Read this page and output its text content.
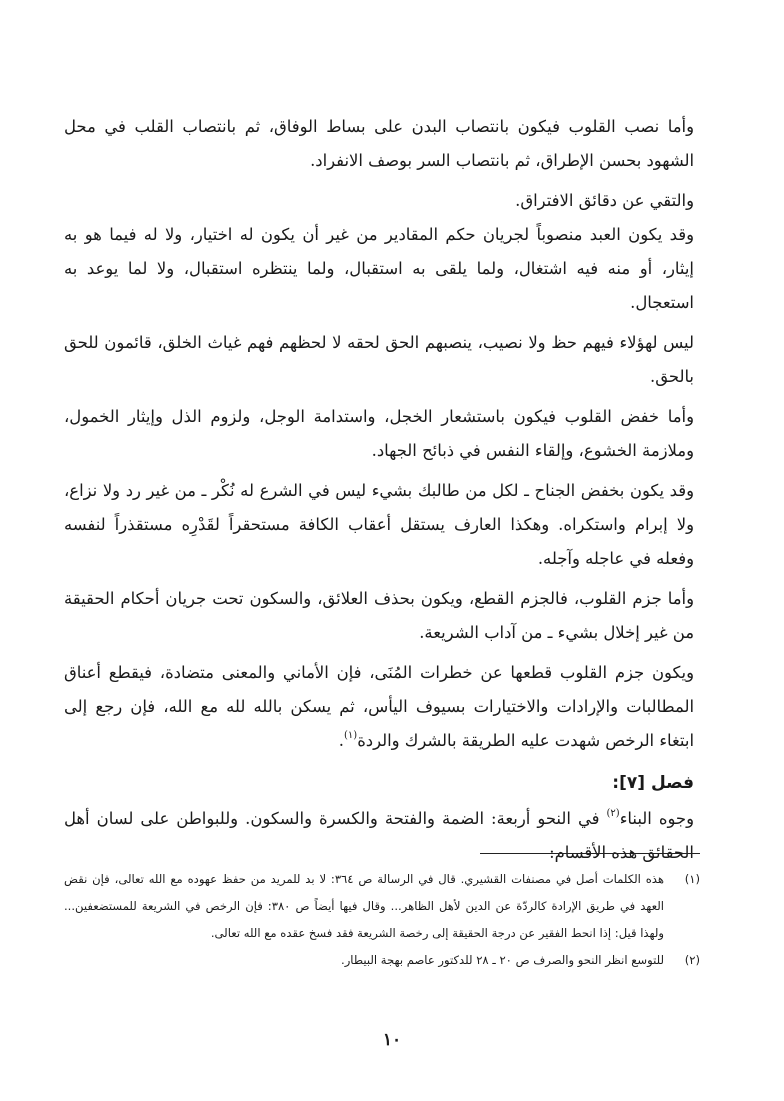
وأما نصب القلوب فيكون بانتصاب البدن على بساط الوفاق، ثم بانتصاب القلب في محل الشهود بحسن الإطراق، ثم بانتصاب السر بوصف الانفراد.

والتقي عن دقائق الافتراق.

وقد يكون العبد منصوباً لجريان حكم المقادير من غير أن يكون له اختيار، ولا له فيما هو به إيثار، أو منه فيه اشتغال، ولما يلقى به استقبال، ولما ينتظره استقبال، ولا لما يوعد به استعجال.

ليس لهؤلاء فيهم حظ ولا نصيب، ينصبهم الحق لحقه لا لحظهم فهم غياث الخلق، قائمون للحق بالحق.

وأما خفض القلوب فيكون باستشعار الخجل، واستدامة الوجل، ولزوم الذل وإيثار الخمول، وملازمة الخشوع، وإلقاء النفس في ذبائح الجهاد.

وقد يكون بخفض الجناح ـ لكل من طالبك بشيء ليس في الشرع له نُكْر ـ من غير رد ولا نزاع، ولا إبرام واستكراه. وهكذا العارف يستقل أعقاب الكافة مستحقراً لقَدْرِه مستقذراً لنفسه وفعله في عاجله وآجله.

وأما جزم القلوب، فالجزم القطع، ويكون بحذف العلائق، والسكون تحت جريان أحكام الحقيقة من غير إخلال بشيء ـ من آداب الشريعة.

ويكون جزم القلوب قطعها عن خطرات المُنَى، فإن الأماني والمعنى متضادة، فيقطع أعناق المطالبات والإرادات والاختيارات بسيوف اليأس، ثم يسكن بالله لله مع الله، فإن رجع إلى ابتغاء الرخص شهدت عليه الطريقة بالشرك والردة$^{(١)}$.

فصل [٧]:

وجوه البناء$^{(٢)}$ في النحو أربعة: الضمة والفتحة والكسرة والسكون. وللبواطن على لسان أهل الحقائق هذه الأقسام:

(١)
هذه الكلمات أصل في مصنفات القشيري. قال في الرسالة ص ٣٦٤: لا بد للمريد من حفظ عهوده مع الله تعالى، فإن نقض العهد في طريق الإرادة كالردّة عن الدين لأهل الظاهر... وقال فيها أيضاً ص ٣٨٠: فإن الرخص في الشريعة للمستضعفين... ولهذا قيل: إذا انحط الفقير عن درجة الحقيقة إلى رخصة الشريعة فقد فسخ عقده مع الله تعالى.
(٢)
للتوسع انظر النحو والصرف ص ٢٠ ـ ٢٨ للدكتور عاصم بهجة البيطار.
١٠
